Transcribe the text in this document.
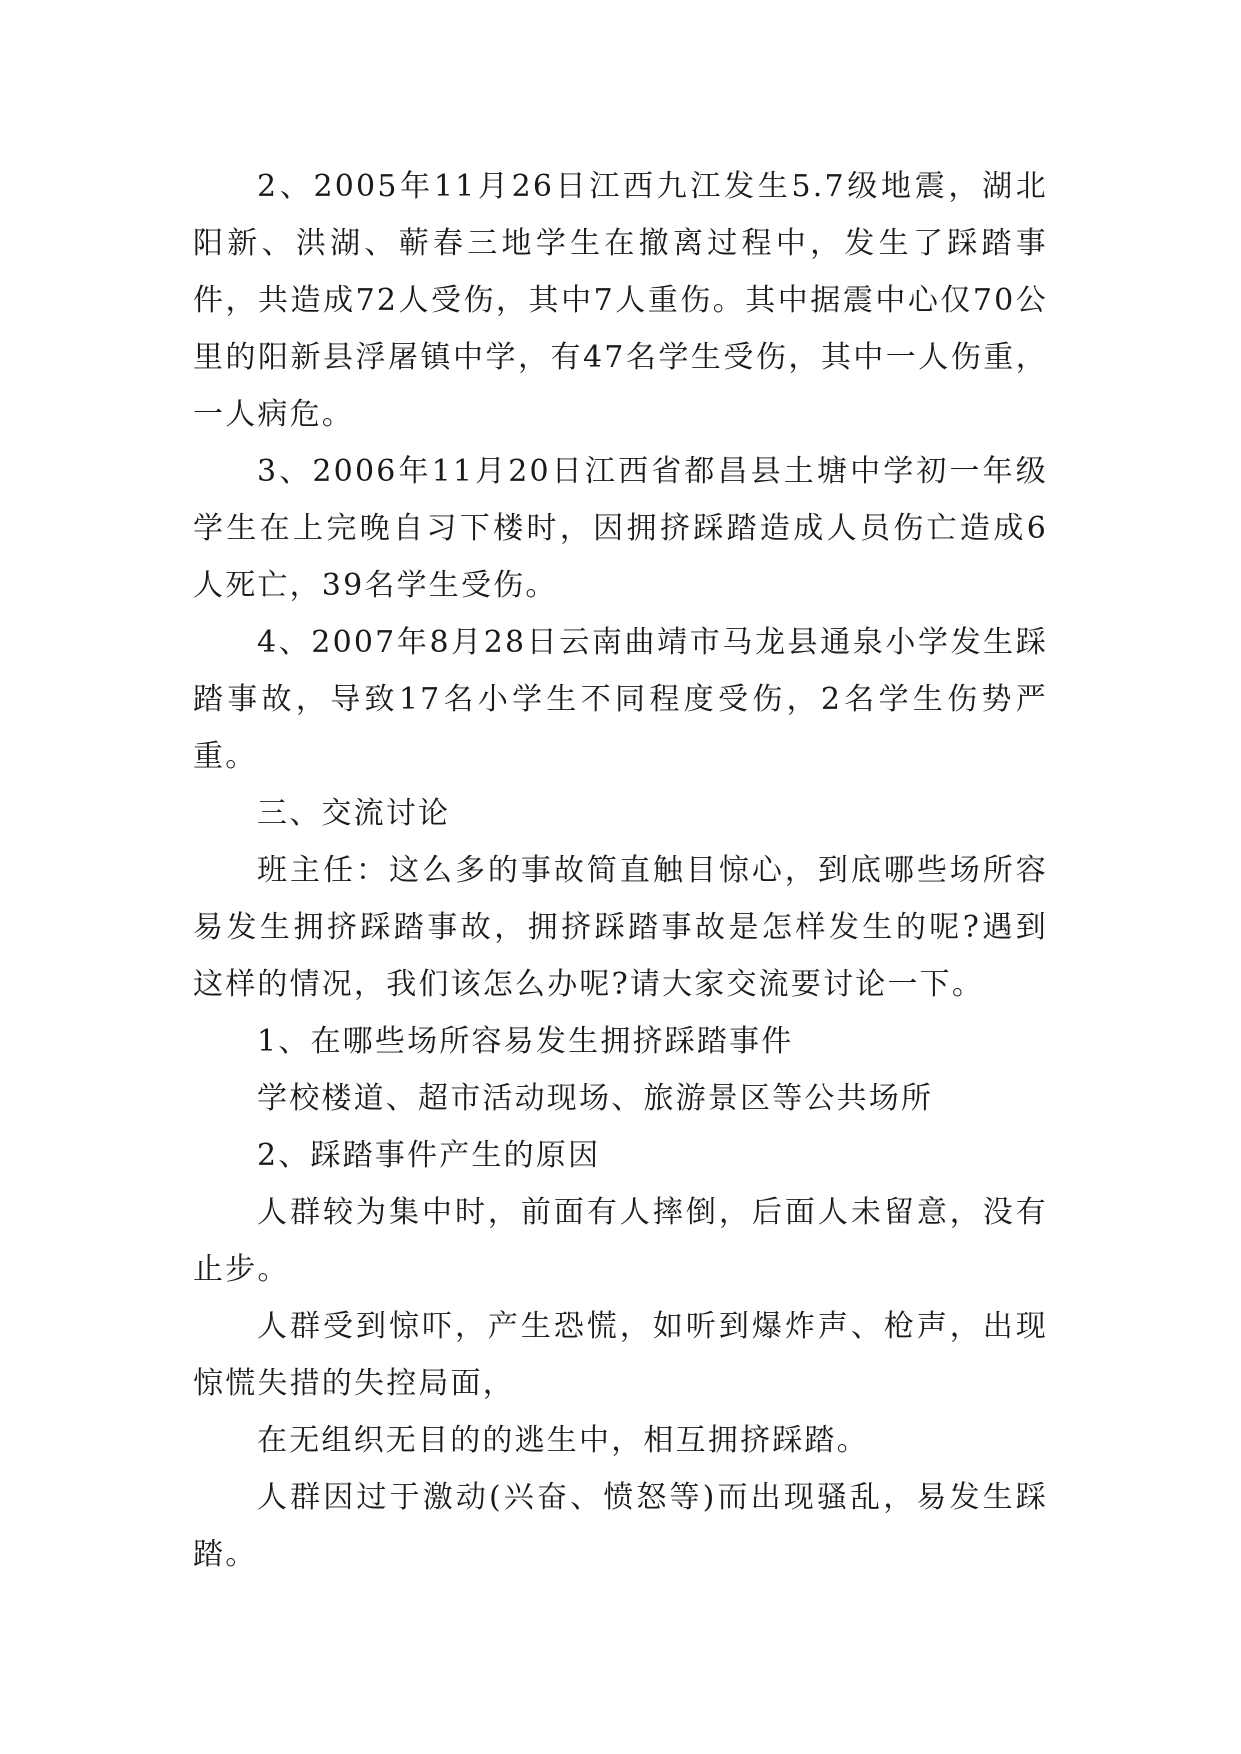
2、2005年11月26日江西九江发生5.7级地震，湖北阳新、洪湖、蕲春三地学生在撤离过程中，发生了踩踏事件，共造成72人受伤，其中7人重伤。其中据震中心仅70公里的阳新县浮屠镇中学，有47名学生受伤，其中一人伤重，一人病危。

3、2006年11月20日江西省都昌县土塘中学初一年级学生在上完晚自习下楼时，因拥挤踩踏造成人员伤亡造成6人死亡，39名学生受伤。

4、2007年8月28日云南曲靖市马龙县通泉小学发生踩踏事故，导致17名小学生不同程度受伤，2名学生伤势严重。

三、交流讨论

班主任：这么多的事故简直触目惊心，到底哪些场所容易发生拥挤踩踏事故，拥挤踩踏事故是怎样发生的呢?遇到这样的情况，我们该怎么办呢?请大家交流要讨论一下。

1、在哪些场所容易发生拥挤踩踏事件

学校楼道、超市活动现场、旅游景区等公共场所

2、踩踏事件产生的原因

人群较为集中时，前面有人摔倒，后面人未留意，没有止步。

人群受到惊吓，产生恐慌，如听到爆炸声、枪声，出现惊慌失措的失控局面，

在无组织无目的的逃生中，相互拥挤踩踏。

人群因过于激动(兴奋、愤怒等)而出现骚乱，易发生踩踏。
